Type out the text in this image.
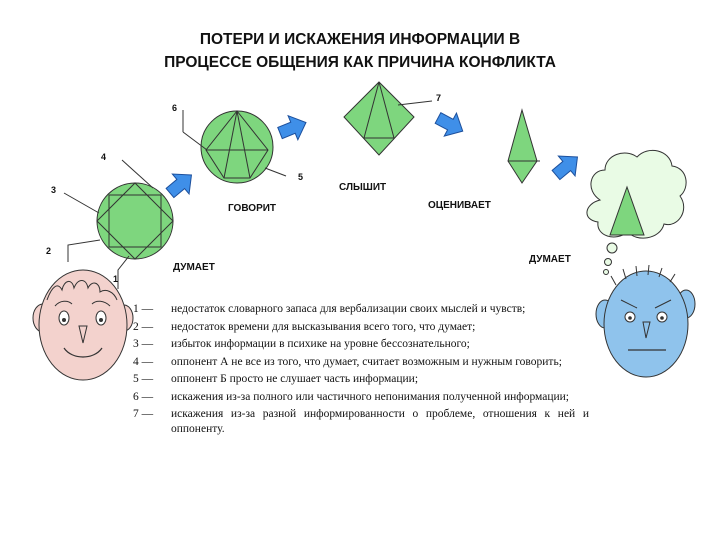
ПОТЕРИ И ИСКАЖЕНИЯ ИНФОРМАЦИИ В
ПРОЦЕССЕ ОБЩЕНИЯ КАК ПРИЧИНА КОНФЛИКТА
1
2
3
4
5
6
7
ДУМАЕТ
ГОВОРИТ
СЛЫШИТ
ОЦЕНИВАЕТ
ДУМАЕТ
1 —	недостаток словарного запаса для вербализации своих мыслей и чувств;
2 —	недостаток времени для высказывания всего того, что думает;
3 —	избыток информации в психике на уровне бессознательного;
4 —	оппонент А не все из того, что думает, считает возможным и нужным говорить;
5 —	оппонент Б просто не слушает часть информации;
6 —	искажения из-за полного или частичного непонимания полученной информации;
7 —	искажения из-за разной информированности о проблеме, отношения к ней и оппоненту.
